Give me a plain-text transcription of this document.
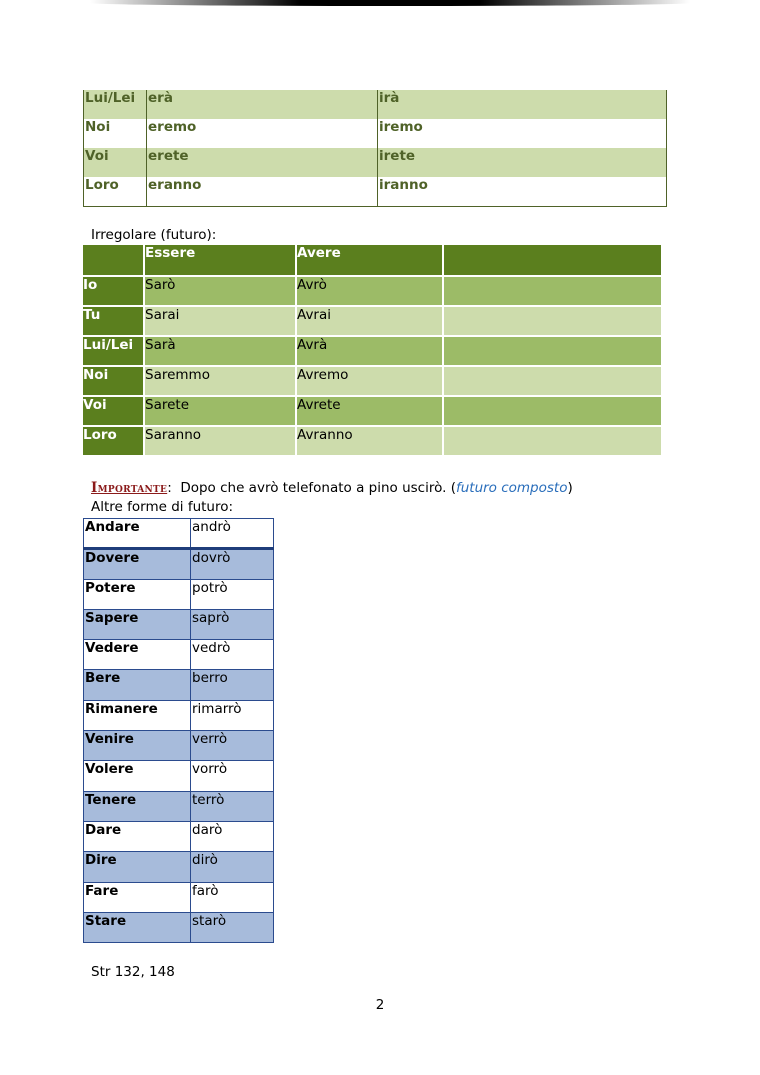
Lui/Lei	erà	irà
Noi	eremo	iremo
Voi	erete	irete
Loro	eranno	iranno
Irregolare (futuro):
	Essere	Avere	
Io	Sarò	Avrò	
Tu	Sarai	Avrai	
Lui/Lei	Sarà	Avrà	
Noi	Saremmo	Avremo	
Voi	Sarete	Avrete	
Loro	Saranno	Avranno	
Importante:  Dopo che avrò telefonato a pino uscirò. (futuro composto)
Altre forme di futuro:
Andare	andrò
Dovere	dovrò
Potere	potrò
Sapere	saprò
Vedere	vedrò
Bere	berro
Rimanere	rimarrò
Venire	verrò
Volere	vorrò
Tenere	terrò
Dare	darò
Dire	dirò
Fare	farò
Stare	starò
Str 132, 148
2
